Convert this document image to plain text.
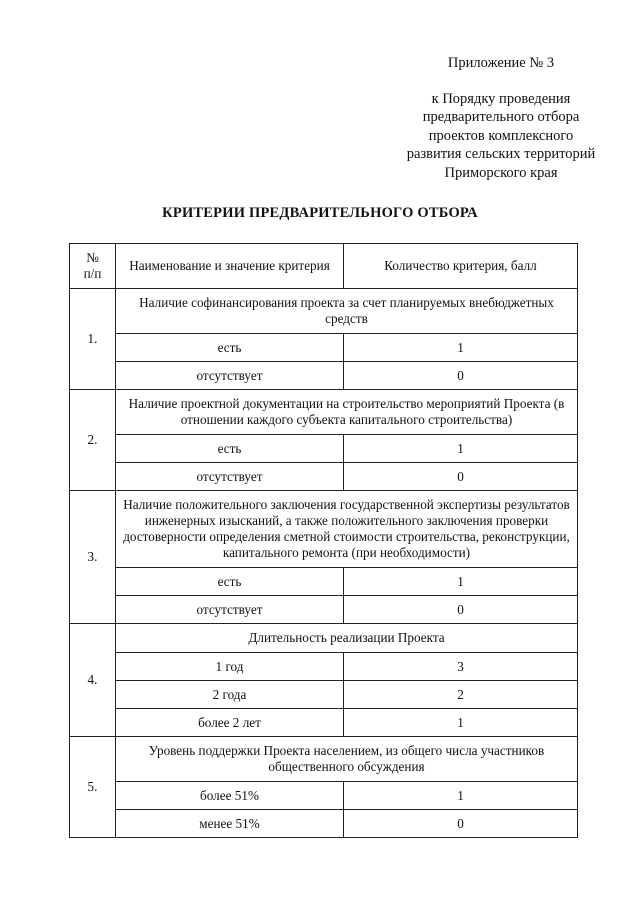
Приложение № 3
к Порядку проведения
предварительного отбора
проектов комплексного
развития сельских территорий
Приморского края
КРИТЕРИИ ПРЕДВАРИТЕЛЬНОГО ОТБОРА
№
п/п	Наименование и значение критерия	Количество критерия, балл
1.	Наличие софинансирования проекта за счет планируемых внебюджетных средств	
	есть	1
	отсутствует	0
2.	Наличие проектной документации на строительство мероприятий Проекта (в отношении каждого субъекта капитального строительства)	
	есть	1
	отсутствует	0
3.	Наличие положительного заключения государственной экспертизы результатов инженерных изысканий, а также положительного заключения проверки достоверности определения сметной стоимости строительства, реконструкции, капитального ремонта (при необходимости)	
	есть	1
	отсутствует	0
4.	Длительность реализации Проекта	
	1 год	3
	2 года	2
	более 2 лет	1
5.	Уровень поддержки Проекта населением, из общего числа участников общественного обсуждения	
	более 51%	1
	менее 51%	0
